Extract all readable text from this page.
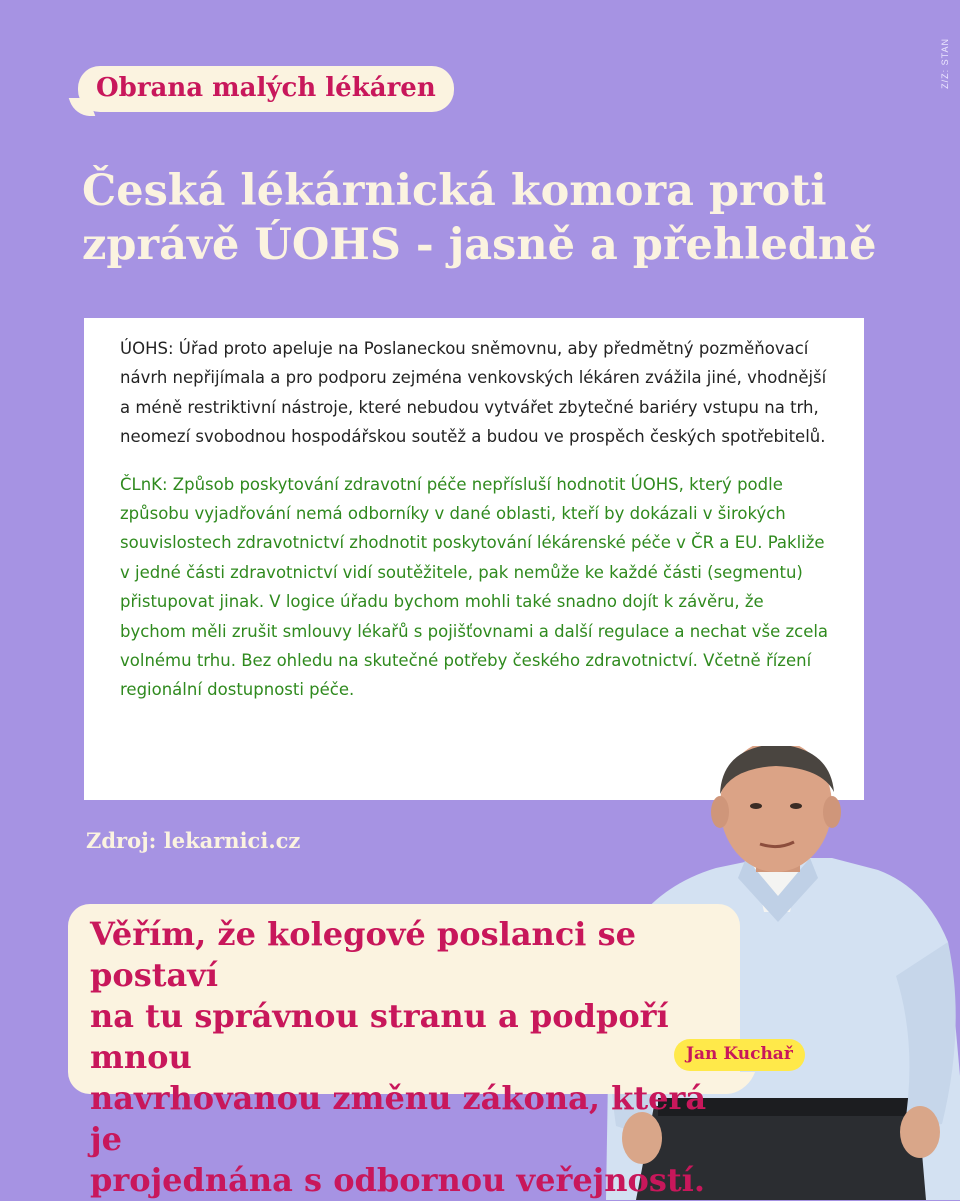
Z/Z: STAN
Obrana malých lékáren
Česká lékárnická komora proti zprávě ÚOHS - jasně a přehledně

ÚOHS: Úřad proto apeluje na Poslaneckou sněmovnu, aby předmětný pozměňovací návrh nepřijímala a pro podporu zejména venkovských lékáren zvážila jiné, vhodnější a méně restriktivní nástroje, které nebudou vytvářet zbytečné bariéry vstupu na trh, neomezí svobodnou hospodářskou soutěž a budou ve prospěch českých spotřebitelů.

ČLnK: Způsob poskytování zdravotní péče nepřísluší hodnotit ÚOHS, který podle způsobu vyjadřování nemá odborníky v dané oblasti, kteří by dokázali v širokých souvislostech zdravotnictví zhodnotit poskytování lékárenské péče v ČR a EU. Pakliže v jedné části zdravotnictví vidí soutěžitele, pak nemůže ke každé části (segmentu) přistupovat jinak. V logice úřadu bychom mohli také snadno dojít k závěru, že bychom měli zrušit smlouvy lékařů s pojišťovnami a další regulace a nechat vše zcela volnému trhu. Bez ohledu na skutečné potřeby českého zdravotnictví. Včetně řízení regionální dostupnosti péče.

Zdroj: lekarnici.cz
Věřím, že kolegové poslanci se postaví
na tu správnou stranu a podpoří mnou
navrhovanou změnu zákona, která je
projednána s odbornou veřejností.
Jan Kuchař
